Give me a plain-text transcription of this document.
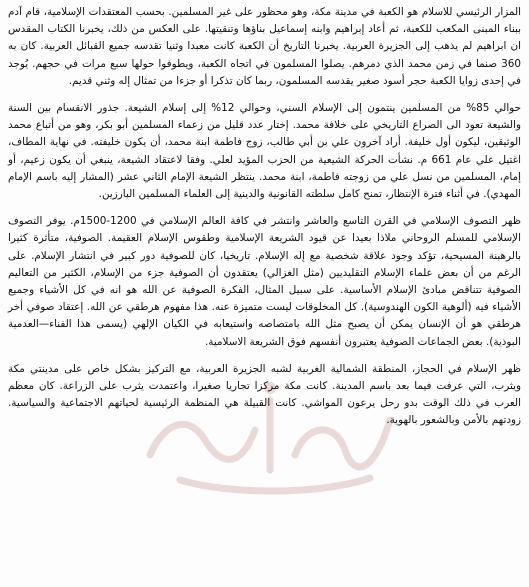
المزار الرئيسي للاسلام هو الكعبة في مدينة مكة، وهو محظور على غير المسلمين. بحسب المعتقدات الإسلامية، قام آدم ببناء المبنى المكعب للكعبة، ثم أعاد إبراهيم وابنه إسماعيل بناؤها وتنقيتها. على العكس من ذلك، يخبرنا الكتاب المقدس ان ابراهيم لم يذهب إلى الجزيرة العربية. يخبرنا التاريخ أن الكعبة كانت معبدا وثنيا تقدسه جميع القبائل العربية. كان به 360 صنما في زمن محمد الذي دمرهم. يصلوا المسلمون في اتجاه الكعبة، ويطوفوا حولها سبع مرات في حجهم. يُوجد في إحدى زوايا الكعبة حجر أسود صغير يقدسه المسلمون، ربما كان تذكرا أو جزءا من تمثال إله وثني قديم.

حوالي 85% من المسلمين ينتمون إلى الإسلام السني، وحوالي 12% إلى إسلام الشيعة. جذور الانقسام بين السنة والشيعة تعود الى الصراع التاريخي على خلافة محمد. إختار عدد قليل من زعماء المسلمين أبو بكر، وهو من أتباع محمد الوثيقين، ليكون أول خليفة. أراد آخرون علي بن أبي طالب، زوج فاطمة ابنة محمد، أن يكون خليفته. في نهاية المطاف، اغتيل علي عام 661 م. نشأت الحركة الشيعية من الحزب المؤيد لعلي. وفقا لاعتقاد الشيعة، ينبغي أن يكون زعيم، أو إمام، المسلمين من نسل علي من زوجته فاطمة، ابنة محمد. ينتظر الشيعة الإمام الثاني عشر (المشار إليه باسم الإمام المهدي). في أثناء فترة الإنتظار، تمنح كامل سلطته القانونية والدينية إلى العلماء المسلمين البارزين.

ظهر التصوف الإسلامي في القرن التاسع والعاشر وانتشر في كافة العالم الإسلامي في 1200-1500م. يوفر التصوف الإسلامي للمسلم الروحاني ملاذا بعيدا عن قيود الشريعة الإسلامية وطقوس الإسلام العقيمة. الصوفية، متأثرة كثيرا بالرهبنة المسيحية، تؤكد وجود علاقة شخصية مع إله الإسلام. تاريخيا، كان للصوفية دور كبير في انتشار الإسلام. على الرغم من أن بعض علماء الإسلام التقليديين (مثل الغزالي) يعتقدون أن الصوفية جزء من الإسلام، الكثير من التعاليم الصوفية تتناقض مبادئ الإسلام الأساسية. على سبيل المثال، الفكرة الصوفية عن الله هو انه في كل الأشياء وجميع الأشياء فيه (ألوهية الكون الهندوسية). كل المخلوقات ليست متميزة عنه. هذا مفهوم هرطقي عن الله. إعتقاد صوفي أخر هرطقي هو أن الإنسان يمكن أن يصبح مثل الله بامتصاصه واستيعابه في الكيان الإلهي (يسمى هذا الفناء—العدمية البوذية). بعض الجماعات الصوفية يعتبرون أنفسهم فوق الشريعة الاسلامية.

ظهر الإسلام في الحجاز، المنطقة الشمالية الغربية لشبه الجزيرة العربية، مع التركيز بشكل خاص على مدينتي مكة ويثرب، التي عرفت فيما بعد باسم المدينة. كانت مكة مركزا تجاريا صغيرا، واعتمدت يثرب على الزراعة. كان معظم العرب في ذلك الوقت بدو رحل يرعون المواشي. كانت القبيلة هي المنظمة الرئيسية لحياتهم الاجتماعية والسياسية. زودتهم بالأمن وبالشعور بالهوية.
